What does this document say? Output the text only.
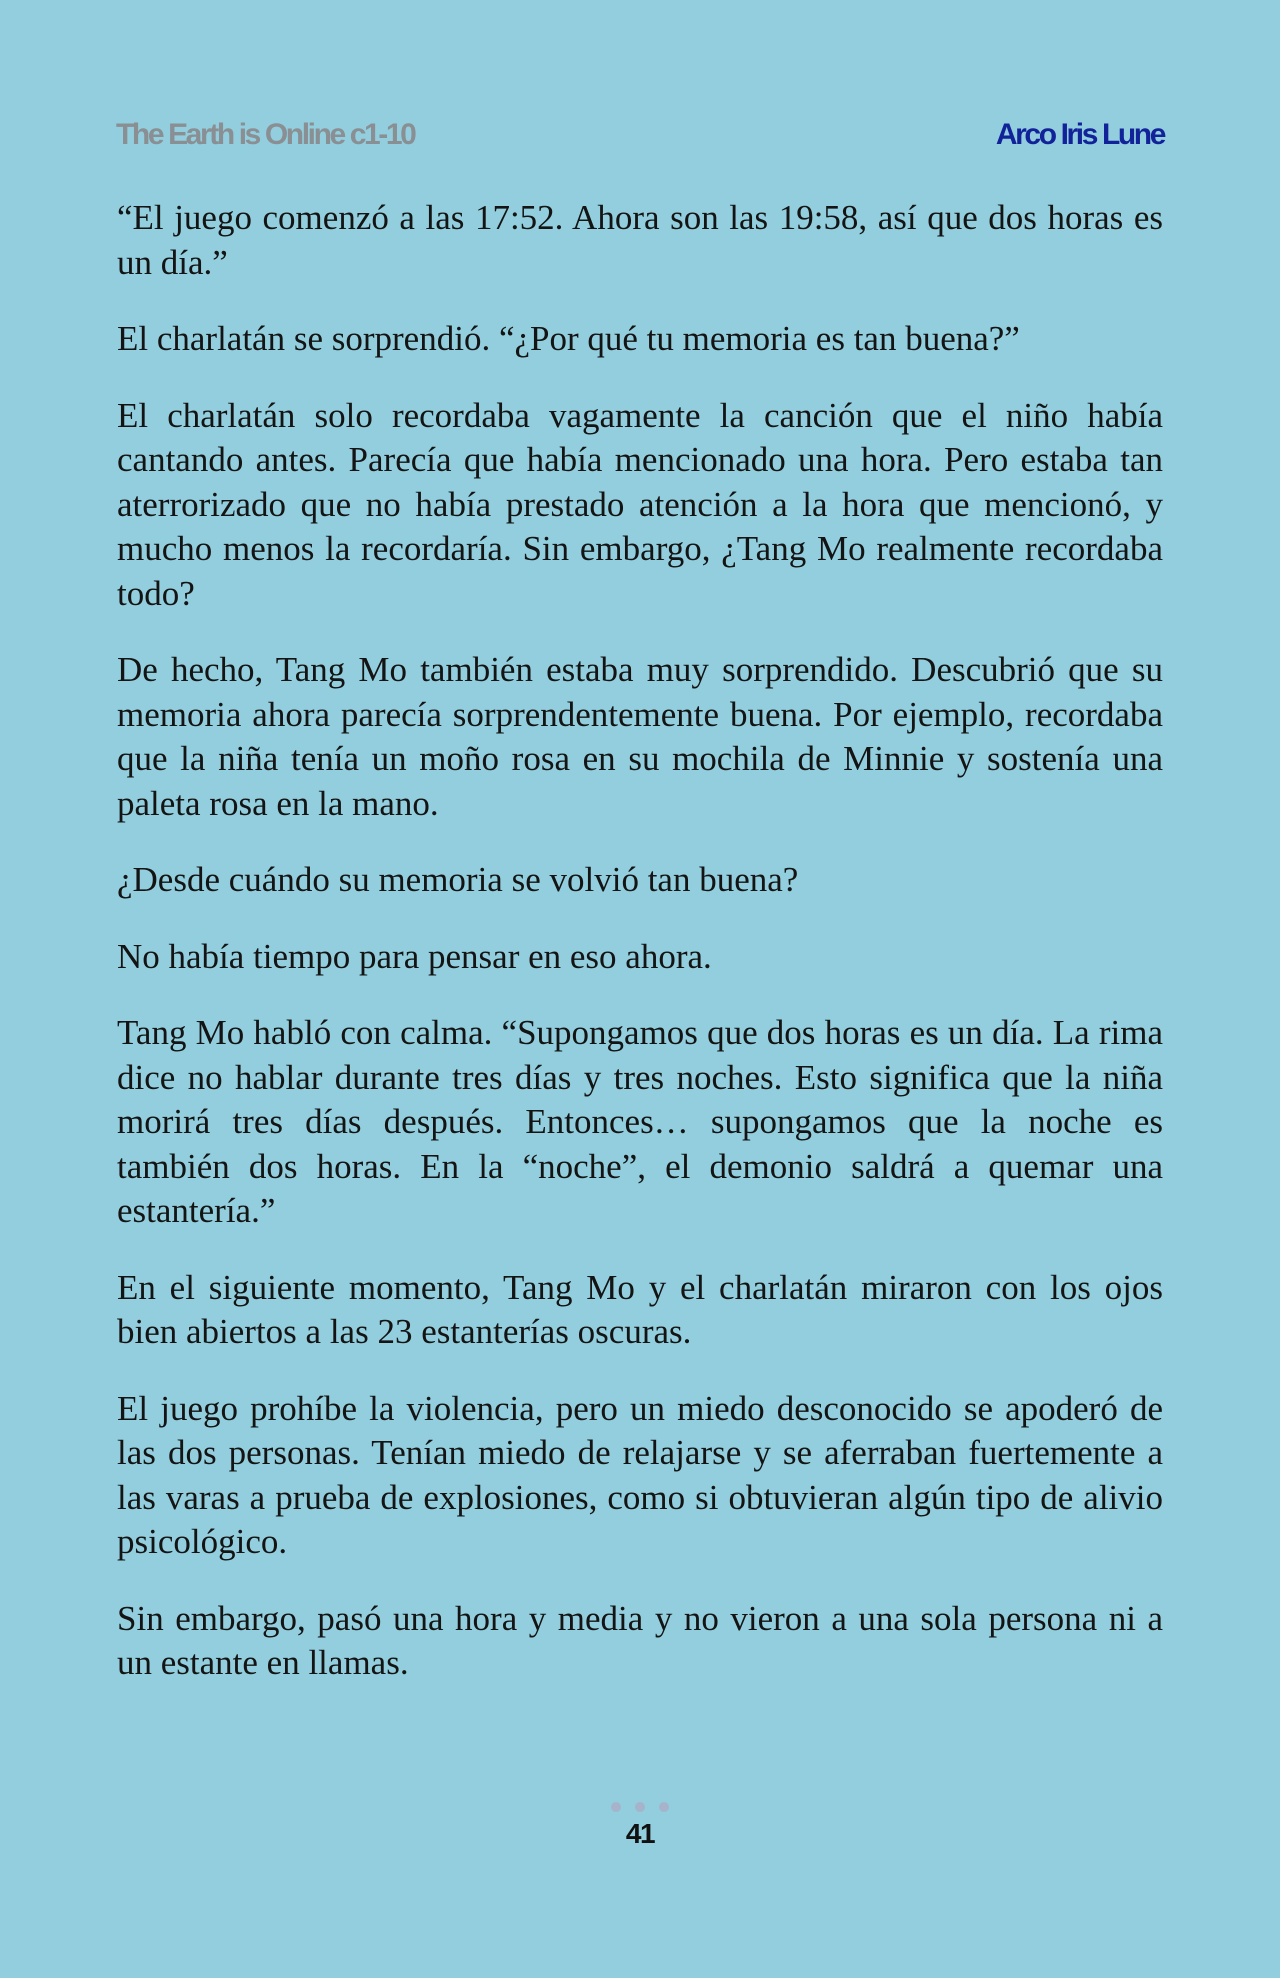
The Earth is Online c1-10	Arco Iris Lune

“El juego comenzó a las 17:52. Ahora son las 19:58, así que dos horas es un día.”

El charlatán se sorprendió. “¿Por qué tu memoria es tan buena?”

El charlatán solo recordaba vagamente la canción que el niño había cantando antes. Parecía que había mencionado una hora. Pero estaba tan aterrorizado que no había prestado atención a la hora que mencionó, y mucho menos la recordaría. Sin embargo, ¿Tang Mo realmente recordaba todo?

De hecho, Tang Mo también estaba muy sorprendido. Descubrió que su memoria ahora parecía sorprendentemente buena. Por ejemplo, recordaba que la niña tenía un moño rosa en su mochila de Minnie y sostenía una paleta rosa en la mano.

¿Desde cuándo su memoria se volvió tan buena?

No había tiempo para pensar en eso ahora.

Tang Mo habló con calma. “Supongamos que dos horas es un día. La rima dice no hablar durante tres días y tres noches. Esto significa que la niña morirá tres días después. Entonces… supongamos que la noche es también dos horas. En la “noche”, el demonio saldrá a quemar una estantería.”

En el siguiente momento, Tang Mo y el charlatán miraron con los ojos bien abiertos a las 23 estanterías oscuras.

El juego prohíbe la violencia, pero un miedo desconocido se apoderó de las dos personas. Tenían miedo de relajarse y se aferraban fuertemente a las varas a prueba de explosiones, como si obtuvieran algún tipo de alivio psicológico.

Sin embargo, pasó una hora y media y no vieron a una sola persona ni a un estante en llamas.

41
